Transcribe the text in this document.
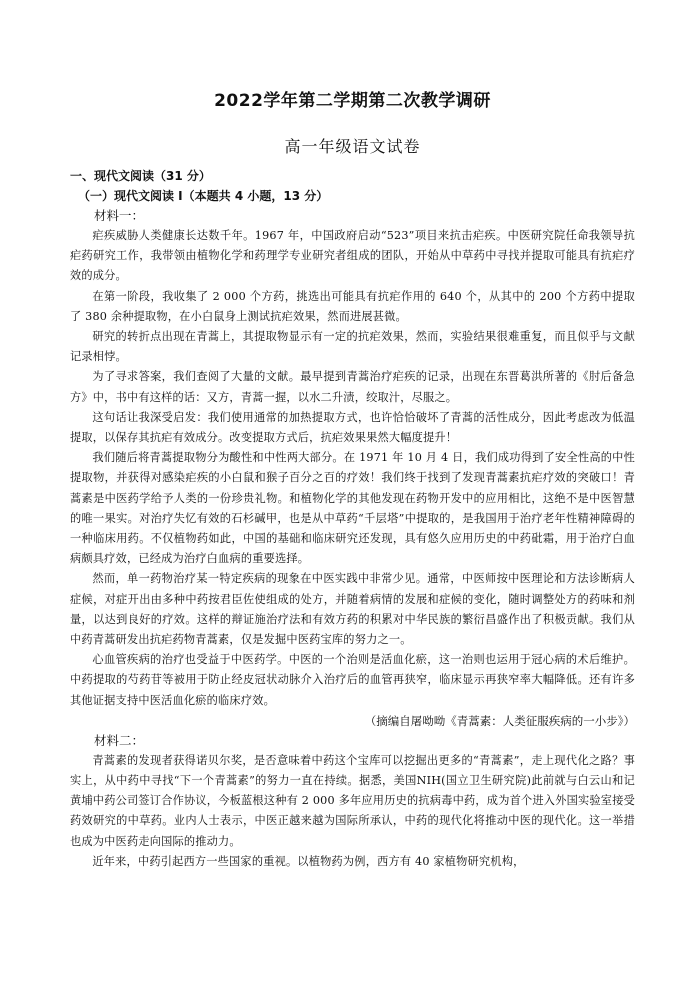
2022学年第二学期第二次教学调研
高一年级语文试卷
一、现代文阅读（31 分）
（一）现代文阅读 I（本题共 4 小题，13 分）
材料一：

疟疾威胁人类健康长达数千年。1967 年，中国政府启动“523”项目来抗击疟疾。中医研究院任命我领导抗疟药研究工作，我带领由植物化学和药理学专业研究者组成的团队，开始从中草药中寻找并提取可能具有抗疟疗效的成分。

在第一阶段，我收集了 2 000 个方药，挑选出可能具有抗疟作用的 640 个，从其中的 200 个方药中提取了 380 余种提取物，在小白鼠身上测试抗疟效果，然而进展甚微。

研究的转折点出现在青蒿上，其提取物显示有一定的抗疟效果，然而，实验结果很难重复，而且似乎与文献记录相悖。

为了寻求答案，我们查阅了大量的文献。最早提到青蒿治疗疟疾的记录，出现在东晋葛洪所著的《肘后备急方》中，书中有这样的话：又方，青蒿一握，以水二升渍，绞取汁，尽服之。

这句话让我深受启发：我们使用通常的加热提取方式，也许恰恰破坏了青蒿的活性成分，因此考虑改为低温提取，以保存其抗疟有效成分。改变提取方式后，抗疟效果果然大幅度提升！

我们随后将青蒿提取物分为酸性和中性两大部分。在 1971 年 10 月 4 日，我们成功得到了安全性高的中性提取物，并获得对感染疟疾的小白鼠和猴子百分之百的疗效！我们终于找到了发现青蒿素抗疟疗效的突破口！青蒿素是中医药学给予人类的一份珍贵礼物。和植物化学的其他发现在药物开发中的应用相比，这绝不是中医智慧的唯一果实。对治疗失忆有效的石杉碱甲，也是从中草药“千层塔”中提取的，是我国用于治疗老年性精神障碍的一种临床用药。不仅植物药如此，中国的基础和临床研究还发现，具有悠久应用历史的中药砒霜，用于治疗白血病颇具疗效，已经成为治疗白血病的重要选择。

然而，单一药物治疗某一特定疾病的现象在中医实践中非常少见。通常，中医师按中医理论和方法诊断病人症候，对症开出由多种中药按君臣佐使组成的处方，并随着病情的发展和症候的变化，随时调整处方的药味和剂量，以达到良好的疗效。这样的辩证施治疗法和有效方药的积累对中华民族的繁衍昌盛作出了积极贡献。我们从中药青蒿研发出抗疟药物青蒿素，仅是发掘中医药宝库的努力之一。

心血管疾病的治疗也受益于中医药学。中医的一个治则是活血化瘀，这一治则也运用于冠心病的术后维护。中药提取的芍药苷等被用于防止经皮冠状动脉介入治疗后的血管再狭窄，临床显示再狭窄率大幅降低。还有许多其他证据支持中医活血化瘀的临床疗效。

（摘编自屠呦呦《青蒿素：人类征服疾病的一小步》）
材料二：

青蒿素的发现者获得诺贝尔奖，是否意味着中药这个宝库可以挖掘出更多的“青蒿素”，走上现代化之路？事实上，从中药中寻找“下一个青蒿素”的努力一直在持续。据悉，美国NIH(国立卫生研究院)此前就与白云山和记黄埔中药公司签订合作协议，今板蓝根这种有 2 000 多年应用历史的抗病毒中药，成为首个进入外国实验室接受药效研究的中草药。业内人士表示，中医正越来越为国际所承认，中药的现代化将推动中医的现代化。这一举措也成为中医药走向国际的推动力。

近年来，中药引起西方一些国家的重视。以植物药为例，西方有 40 家植物研究机构，
